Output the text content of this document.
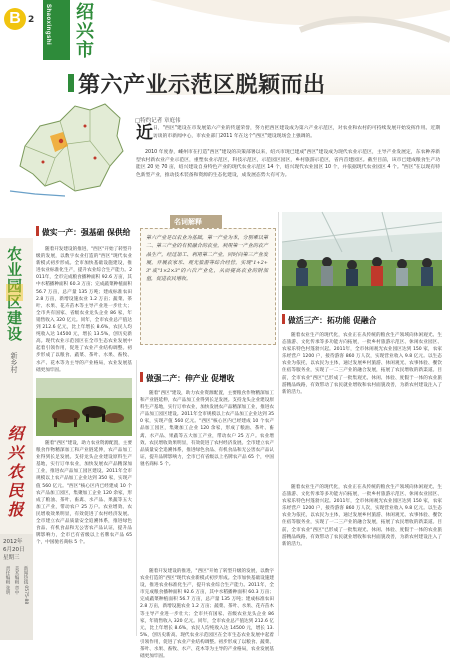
B 2 Shaoxingshi 绍兴市
第六产业示范区脱颖而出
□特约记者 章庭伟
近 日，"西区"建设在市发展第六产业的传递荣誉，努力把西区建设成为第六产业示范区，对农业和农村的可持续发展开始发挥作用。近期访谈的市新闻中心，市农业部门2011 年在这个"西区"建设现场会上强调的。
2010 年度春，嵊州市在打造"西区"建设的决策部署以来，绍兴市现已建成"西区"建设成为现代农业示范区，主导产业发展定，东农种养新型农村新农业产业示范区，重塑农业示范区，科技示范区，示范园区园区，乡村旅游示范区，省内首建园区。截至目前，该市已建成粮食生产功能区 20 处 70 亩，绍兴建设自身特色产业的现代农业示范区 14 个，绍兴现代农业园区 10 个，并依据现代农业园区 4 个。"西区"在以现有特色新型产业，推动技术装备和资源的生态化建设，成发展态势大有可为。
农业园区建设
新乡村
绍兴农民报
2012年
6月20日
星期三
责任编辑 张明 美术编辑 章中 新闻热线 0575-88
做实一产：强基础 保供给
随着开发建设的推进，"西区"开始了转型升级的发展，以数字农业打造的"西区"现代农业新模式初步形成。全市加快基础设施建设，推进农业标准化生产，提升农业综合生产能力。2011年，全市完成粮食播种面积 92.6 万亩，其中水稻播种面积 60.3 万亩；完成蔬菜种植面积 56.7 万亩，总产量 135 万吨；建成标准农田 2.8 万亩，新增设施农业 1.2 万亩；蔬菜、茶叶、水果、花卉苗木等主导产业进一步壮大；全市共有国家、省级农业龙头企业 86 家，年销售收入 320 亿元。同年，全市农业总产值达到 212.6 亿元，比上年增长 8.6%，农民人均纯收入达 14500 元，增长 13.5%，创历史新高。现代农业示范园区在全市生态农业发展中起着引领作用，促进了农业产业结构调整。初步形成了以粮食、蔬菜、茶叶、水果、畜牧、水产、花木等为主导的产业格局，农业发展基础更加牢固。
随着"西区"建设，助力农业资源配置，主要粮食作物精深加工和产业链延伸，农产品加工业得到长足发展。支持龙头企业建设原料生产基地，实行订单农业，加快发展农产品精深加工业，推进农产品加工园区建设。2011年全市规模以上农产品加工企业达到 350 家，实现产值 560 亿元。"西区"核心区内已经建成 10 个农产品加工园区，集聚加工企业 120 余家，形成了粮油、茶叶、畜禽、水产品、果蔬等五大加工产业，带动农户 25 万户。农业增效、农民增收效果明显，有效促进了农村经济发展。全市建立农产品质量安全追溯体系，推进绿色食品、有机食品和无公害农产品认证，提升品牌影响力，全市已有省级以上名牌农产品 65 个，中国驰名商标 5 个。
名词解释
第六产业是以农业为基础，第一产业为本，分别乘以第二、第三产业的有机融合的农业，利用第一产业的农产品生产，经过加工、利用第二产业，同时向第三产业发展，开展农家乐、观光旅游等综合经营，实现"1+2+3"或"1×2×3"的六次产业化，从而提高农业的附加值，促进农民增收。
做强二产：伸产业 促增收
随着"西区"建设，助力农业资源配置，主要粮食作物精深加工和产业链延伸，农产品加工业得到长足发展。支持龙头企业建设原料生产基地，实行订单农业，加快发展农产品精深加工业，推进农产品加工园区建设。2011年全市规模以上农产品加工企业达到 350 家，实现产值 560 亿元。"西区"核心区内已经建成 10 个农产品加工园区，集聚加工企业 120 余家，形成了粮油、茶叶、畜禽、水产品、果蔬等五大加工产业，带动农户 25 万户。农业增效、农民增收效果明显，有效促进了农村经济发展。全市建立农产品质量安全追溯体系，推进绿色食品、有机食品和无公害农产品认证，提升品牌影响力，全市已有省级以上名牌农产品 65 个，中国驰名商标 5 个。
随着开发建设的推进，"西区"开始了转型升级的发展，以数字农业打造的"西区"现代农业新模式初步形成。全市加快基础设施建设，推进农业标准化生产，提升农业综合生产能力。2011年，全市完成粮食播种面积 92.6 万亩，其中水稻播种面积 60.3 万亩；完成蔬菜种植面积 56.7 万亩，总产量 135 万吨；建成标准农田 2.8 万亩，新增设施农业 1.2 万亩；蔬菜、茶叶、水果、花卉苗木等主导产业进一步壮大；全市共有国家、省级农业龙头企业 86 家，年销售收入 320 亿元。同年，全市农业总产值达到 212.6 亿元，比上年增长 8.6%，农民人均纯收入达 14500 元，增长 13.5%，创历史新高。现代农业示范园区在全市生态农业发展中起着引领作用，促进了农业产业结构调整。初步形成了以粮食、蔬菜、茶叶、水果、畜牧、水产、花木等为主导的产业格局，农业发展基础更加牢固。
做活三产：拓功能 促融合
随着农业生产的现代化，农业正在从传统的粮食生产领域向休闲观光、生态旅游、文化传承等多功能方向拓展，一批乡村旅游示范区、休闲农业园区、农家乐特色村蓬勃兴起。2011年，全市休闲观光农业园区达到 150 家，农家乐经营户 1200 户，接待游客 860 万人次，实现营业收入 9.8 亿元。以生态农业为依托，以农民为主体，通过发展乡村旅游、休闲观光、农事体验、餐饮住宿等服务业，实现了一二三产业的融合发展，拓展了农民增收的新渠道。目前，全市农业"西区"已形成了一批集观光、休闲、体验、度假于一体的农业旅游精品线路，有效带动了农民就业增收和农村面貌改善，为新农村建设注入了新的活力。
随着农业生产的现代化，农业正在从传统的粮食生产领域向休闲观光、生态旅游、文化传承等多功能方向拓展，一批乡村旅游示范区、休闲农业园区、农家乐特色村蓬勃兴起。2011年，全市休闲观光农业园区达到 150 家，农家乐经营户 1200 户，接待游客 860 万人次，实现营业收入 9.8 亿元。以生态农业为依托，以农民为主体，通过发展乡村旅游、休闲观光、农事体验、餐饮住宿等服务业，实现了一二三产业的融合发展，拓展了农民增收的新渠道。目前，全市农业"西区"已形成了一批集观光、休闲、体验、度假于一体的农业旅游精品线路，有效带动了农民就业增收和农村面貌改善，为新农村建设注入了新的活力。
